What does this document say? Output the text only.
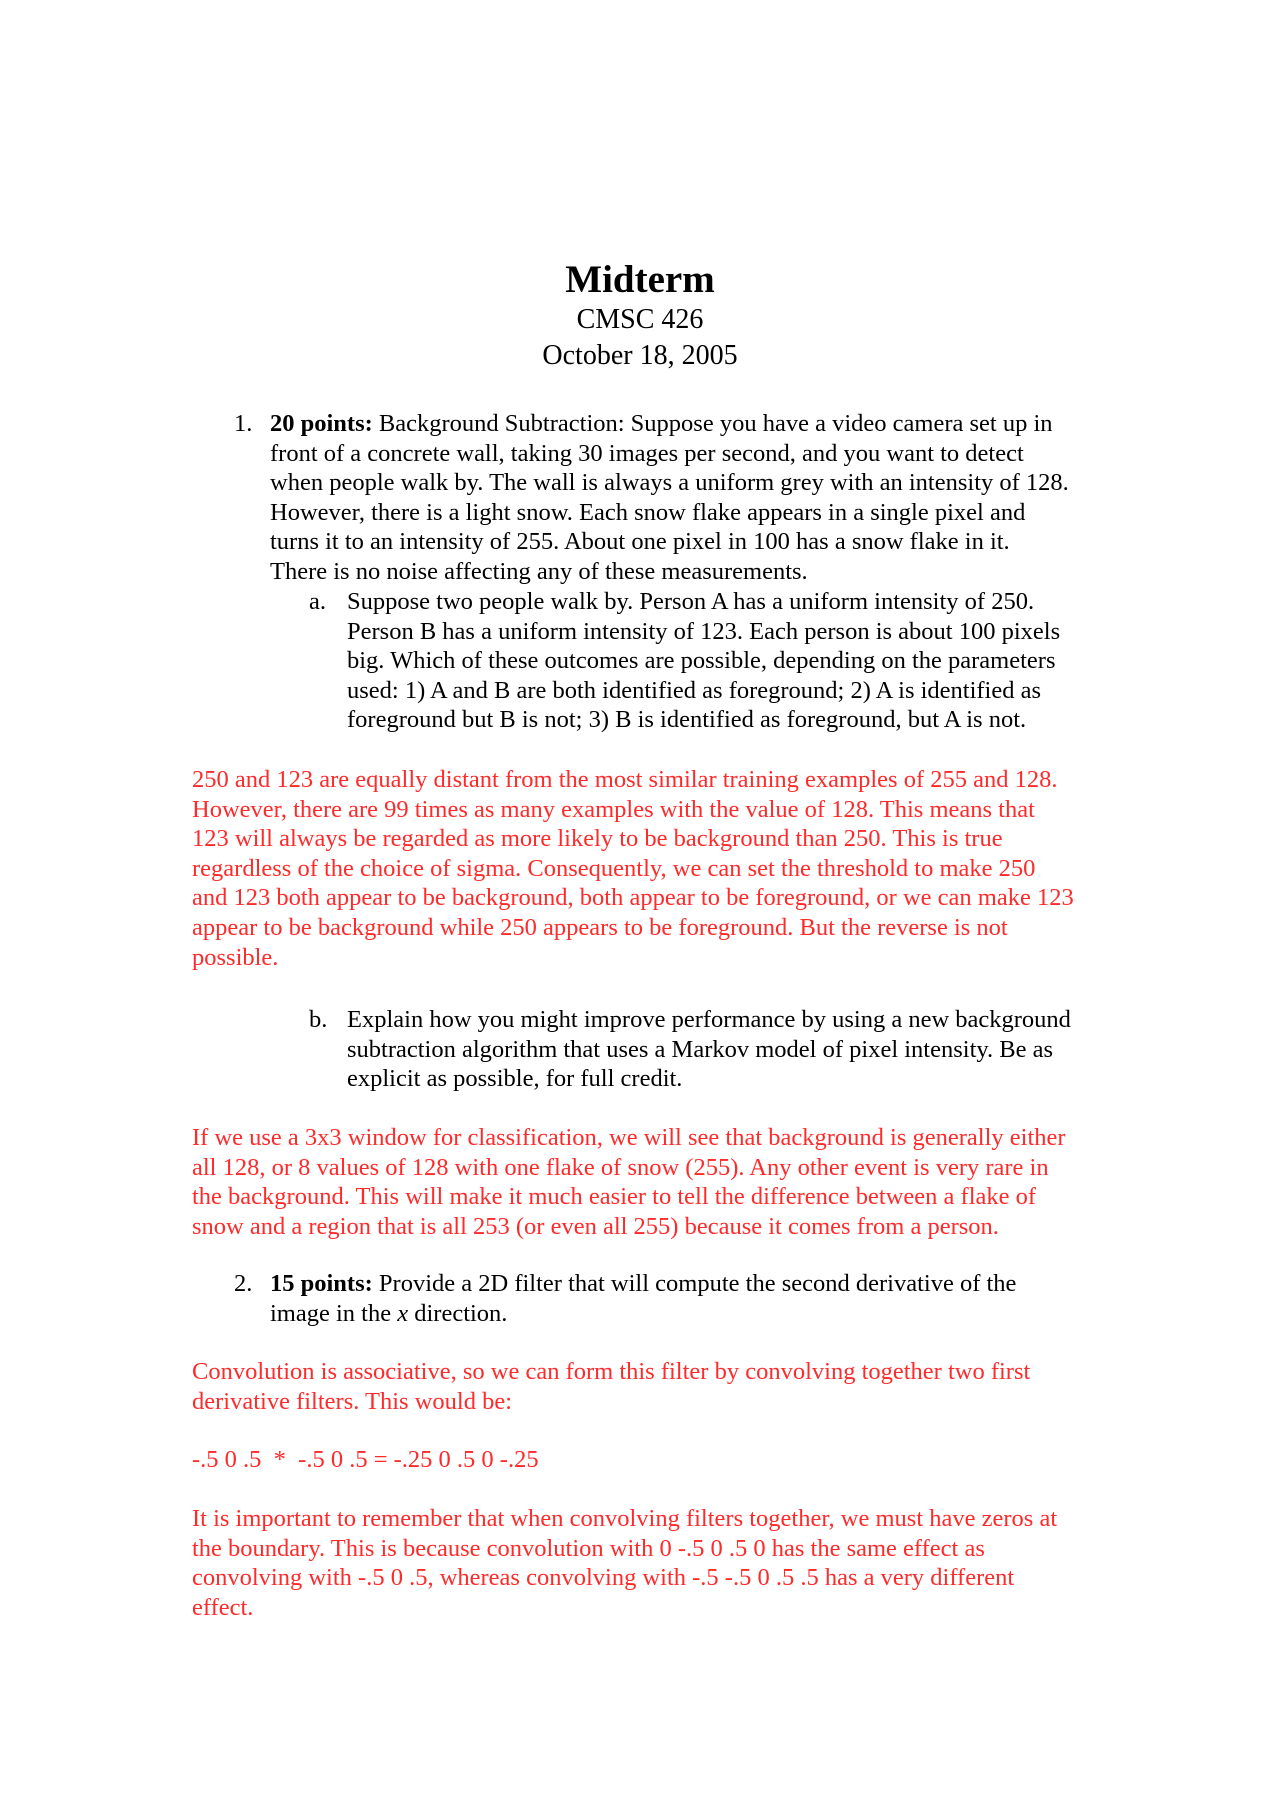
Midterm
CMSC 426
October 18, 2005
1. 20 points: Background Subtraction: Suppose you have a video camera set up in
front of a concrete wall, taking 30 images per second, and you want to detect
when people walk by. The wall is always a uniform grey with an intensity of 128.
However, there is a light snow. Each snow flake appears in a single pixel and
turns it to an intensity of 255. About one pixel in 100 has a snow flake in it.
There is no noise affecting any of these measurements.
a. Suppose two people walk by. Person A has a uniform intensity of 250.
Person B has a uniform intensity of 123. Each person is about 100 pixels
big. Which of these outcomes are possible, depending on the parameters
used: 1) A and B are both identified as foreground; 2) A is identified as
foreground but B is not; 3) B is identified as foreground, but A is not.
250 and 123 are equally distant from the most similar training examples of 255 and 128.
However, there are 99 times as many examples with the value of 128. This means that
123 will always be regarded as more likely to be background than 250. This is true
regardless of the choice of sigma. Consequently, we can set the threshold to make 250
and 123 both appear to be background, both appear to be foreground, or we can make 123
appear to be background while 250 appears to be foreground. But the reverse is not
possible.
b. Explain how you might improve performance by using a new background
subtraction algorithm that uses a Markov model of pixel intensity. Be as
explicit as possible, for full credit.
If we use a 3x3 window for classification, we will see that background is generally either
all 128, or 8 values of 128 with one flake of snow (255). Any other event is very rare in
the background. This will make it much easier to tell the difference between a flake of
snow and a region that is all 253 (or even all 255) because it comes from a person.
2. 15 points: Provide a 2D filter that will compute the second derivative of the
image in the x direction.
Convolution is associative, so we can form this filter by convolving together two first
derivative filters. This would be:
-.5 0 .5  *  -.5 0 .5 = -.25 0 .5 0 -.25
It is important to remember that when convolving filters together, we must have zeros at
the boundary. This is because convolution with 0 -.5 0 .5 0 has the same effect as
convolving with -.5 0 .5, whereas convolving with -.5 -.5 0 .5 .5 has a very different
effect.
